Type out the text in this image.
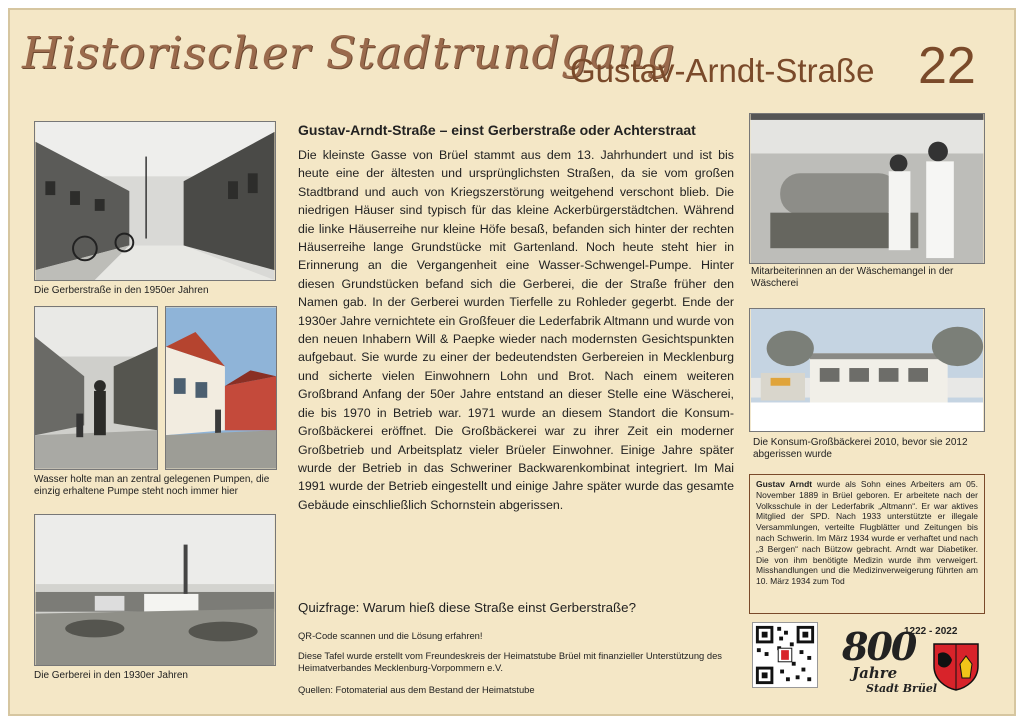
Historischer Stadtrundgang
Gustav-Arndt-Straße 22
Die Gerberstraße in den 1950er Jahren
Wasser holte man an zentral gelegenen Pumpen, die einzig erhaltene Pumpe steht noch immer hier
Die Gerberei in den 1930er Jahren
Gustav-Arndt-Straße – einst Gerberstraße oder Achterstraat

Die kleinste Gasse von Brüel stammt aus dem 13. Jahrhundert und ist bis heute eine der ältesten und ursprünglichsten Straßen, da sie vom großen Stadtbrand und auch von Kriegszerstörung weitgehend verschont blieb. Die niedrigen Häuser sind typisch für das kleine Ackerbürgerstädtchen. Während die linke Häuserreihe nur kleine Höfe besaß, befanden sich hinter der rechten Häuserreihe lange Grundstücke mit Gartenland. Noch heute steht hier in Erinnerung an die Vergangenheit eine Wasser-Schwengel-Pumpe. Hinter diesen Grundstücken befand sich die Gerberei, die der Straße früher den Namen gab. In der Gerberei wurden Tierfelle zu Rohleder gegerbt. Ende der 1930er Jahre vernichtete ein Großfeuer die Lederfabrik Altmann und wurde von den neuen Inhabern Will & Paepke wieder nach modernsten Gesichtspunkten aufgebaut. Sie wurde zu einer der bedeutendsten Gerbereien in Mecklenburg und sicherte vielen Einwohnern Lohn und Brot. Nach einem weiteren Großbrand Anfang der 50er Jahre entstand an dieser Stelle eine Wäscherei, die bis 1970 in Betrieb war. 1971 wurde an diesem Standort die Konsum-Großbäckerei eröffnet. Die Großbäckerei war zu ihrer Zeit ein moderner Großbetrieb und Arbeitsplatz vieler Brüeler Einwohner. Einige Jahre später wurde der Betrieb in das Schweriner Backwarenkombinat integriert. Im Mai 1991 wurde der Betrieb eingestellt und einige Jahre später wurde das gesamte Gebäude einschließlich Schornstein abgerissen.

Quizfrage: Warum hieß diese Straße einst Gerberstraße?

QR-Code scannen und die Lösung erfahren!

Diese Tafel wurde erstellt vom Freundeskreis der Heimatstube Brüel mit finanzieller Unterstützung des Heimatverbandes Mecklenburg-Vorpommern e.V.

Quellen: Fotomaterial aus dem Bestand der Heimatstube

Mitarbeiterinnen an der Wäschemangel in der Wäscherei
Die Konsum-Großbäckerei 2010, bevor sie 2012 abgerissen wurde
Gustav Arndt wurde als Sohn eines Arbeiters am 05. November 1889 in Brüel geboren. Er arbeitete nach der Volksschule in der Lederfabrik „Altmann“. Er war aktives Mitglied der SPD. Nach 1933 unterstützte er illegale Versammlungen, verteilte Flugblätter und Zeitungen bis nach Schwerin. Im März 1934 wurde er verhaftet und nach „3 Bergen“ nach Bützow gebracht. Arndt war Diabetiker. Die von ihm benötigte Medizin wurde ihm verweigert. Misshandlungen und die Medizinverweigerung führten am 10. März 1934 zum Tod
800
1222 - 2022
Jahre
Stadt Brüel
